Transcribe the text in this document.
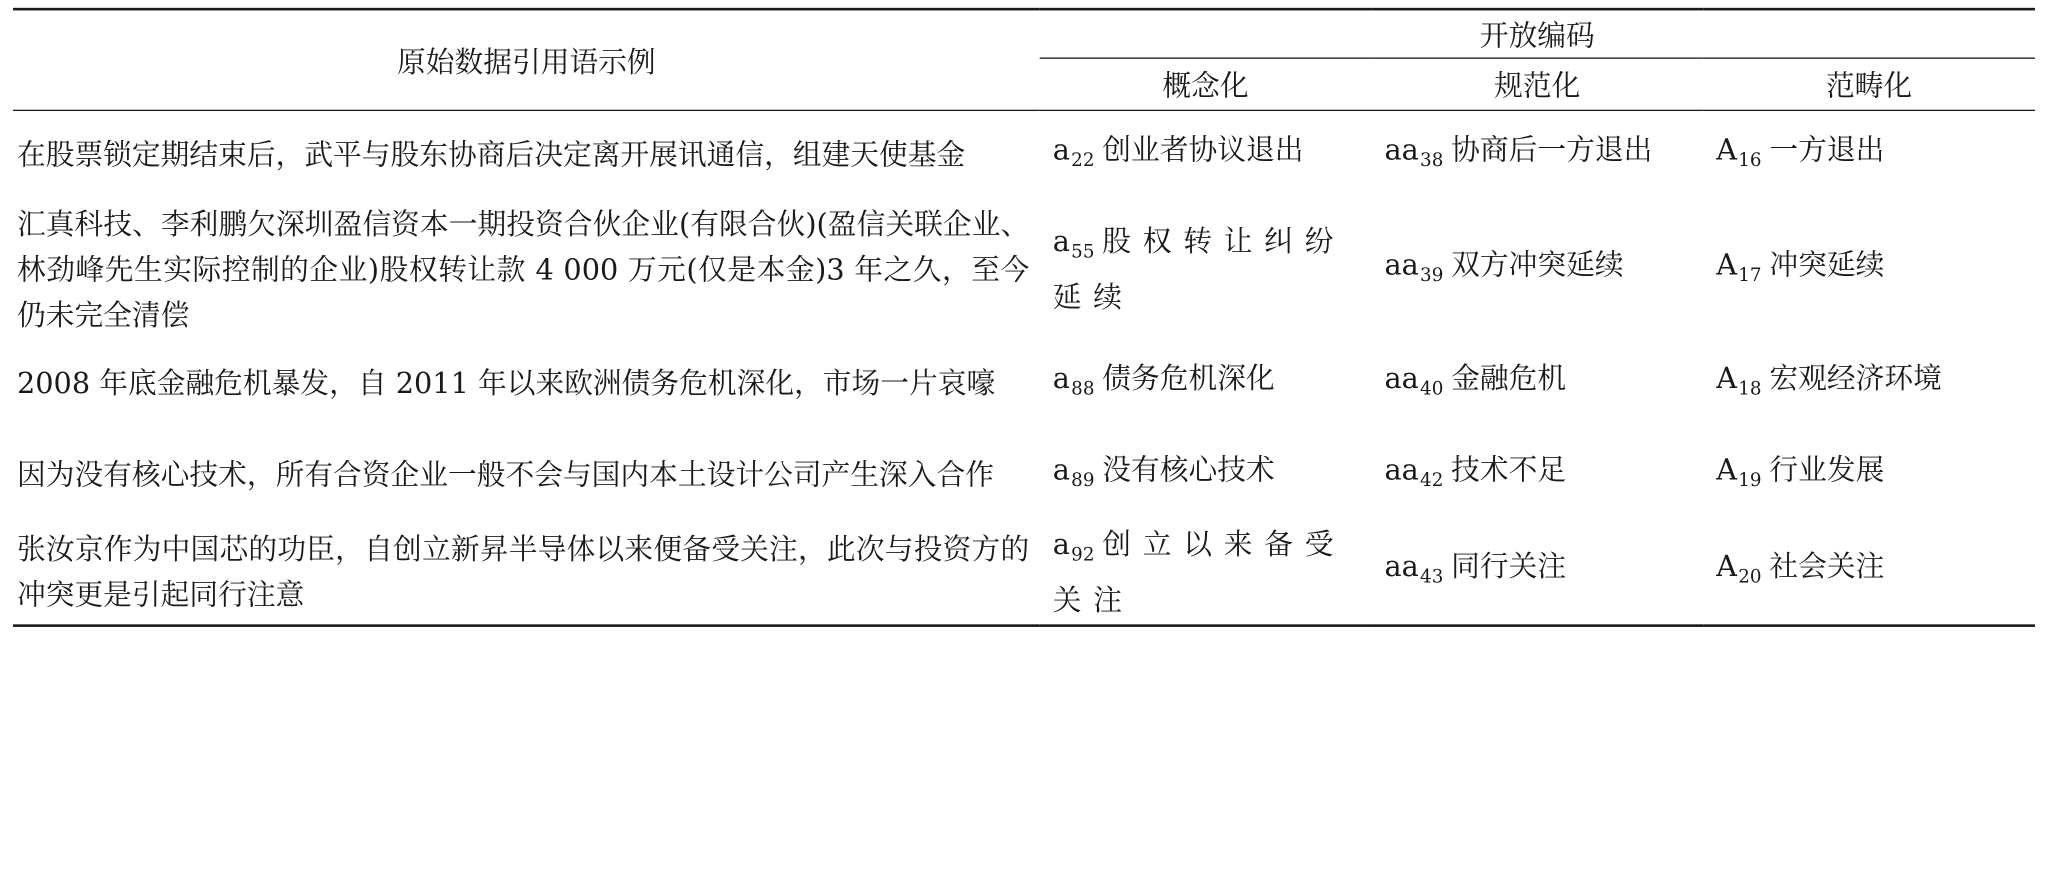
原始数据引用语示例	开放编码		
	概念化	规范化	范畴化
在股票锁定期结束后，武平与股东协商后决定离开展讯通信，组建天使基金	$a_{22}$ 创业者协议退出	$aa_{38}$ 协商后一方退出	$A_{16}$ 一方退出
汇真科技、李利鹏欠深圳盈信资本一期投资合伙企业(有限合伙)(盈信关联企业、林劲峰先生实际控制的企业)股权转让款 4 000 万元(仅是本金)3 年之久，至今仍未完全清偿	$a_{55}$ 股权转让纠纷延续	$aa_{39}$ 双方冲突延续	$A_{17}$ 冲突延续
2008 年底金融危机暴发，自 2011 年以来欧洲债务危机深化，市场一片哀嚎	$a_{88}$ 债务危机深化	$aa_{40}$ 金融危机	$A_{18}$ 宏观经济环境
因为没有核心技术，所有合资企业一般不会与国内本土设计公司产生深入合作	$a_{89}$ 没有核心技术	$aa_{42}$ 技术不足	$A_{19}$ 行业发展
张汝京作为中国芯的功臣，自创立新昇半导体以来便备受关注，此次与投资方的冲突更是引起同行注意	$a_{92}$ 创立以来备受关注	$aa_{43}$ 同行关注	$A_{20}$ 社会关注
